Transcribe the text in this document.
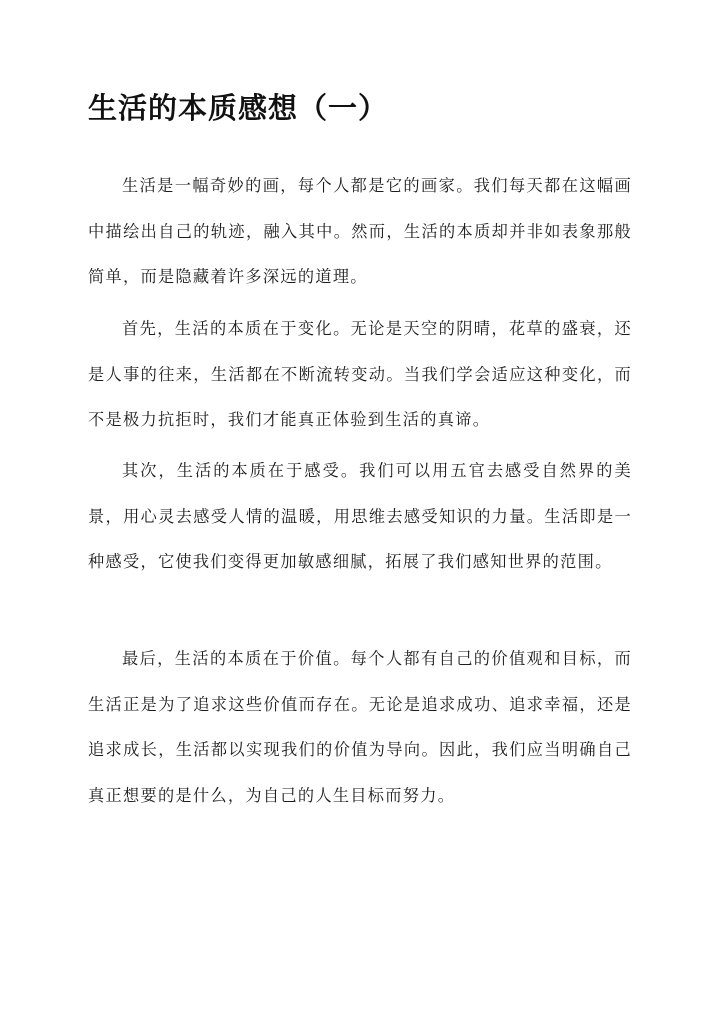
生活的本质感想（一）

生活是一幅奇妙的画，每个人都是它的画家。我们每天都在这幅画中描绘出自己的轨迹，融入其中。然而，生活的本质却并非如表象那般简单，而是隐藏着许多深远的道理。

首先，生活的本质在于变化。无论是天空的阴晴，花草的盛衰，还是人事的往来，生活都在不断流转变动。当我们学会适应这种变化，而不是极力抗拒时，我们才能真正体验到生活的真谛。

其次，生活的本质在于感受。我们可以用五官去感受自然界的美景，用心灵去感受人情的温暖，用思维去感受知识的力量。生活即是一种感受，它使我们变得更加敏感细腻，拓展了我们感知世界的范围。

最后，生活的本质在于价值。每个人都有自己的价值观和目标，而生活正是为了追求这些价值而存在。无论是追求成功、追求幸福，还是追求成长，生活都以实现我们的价值为导向。因此，我们应当明确自己真正想要的是什么，为自己的人生目标而努力。
